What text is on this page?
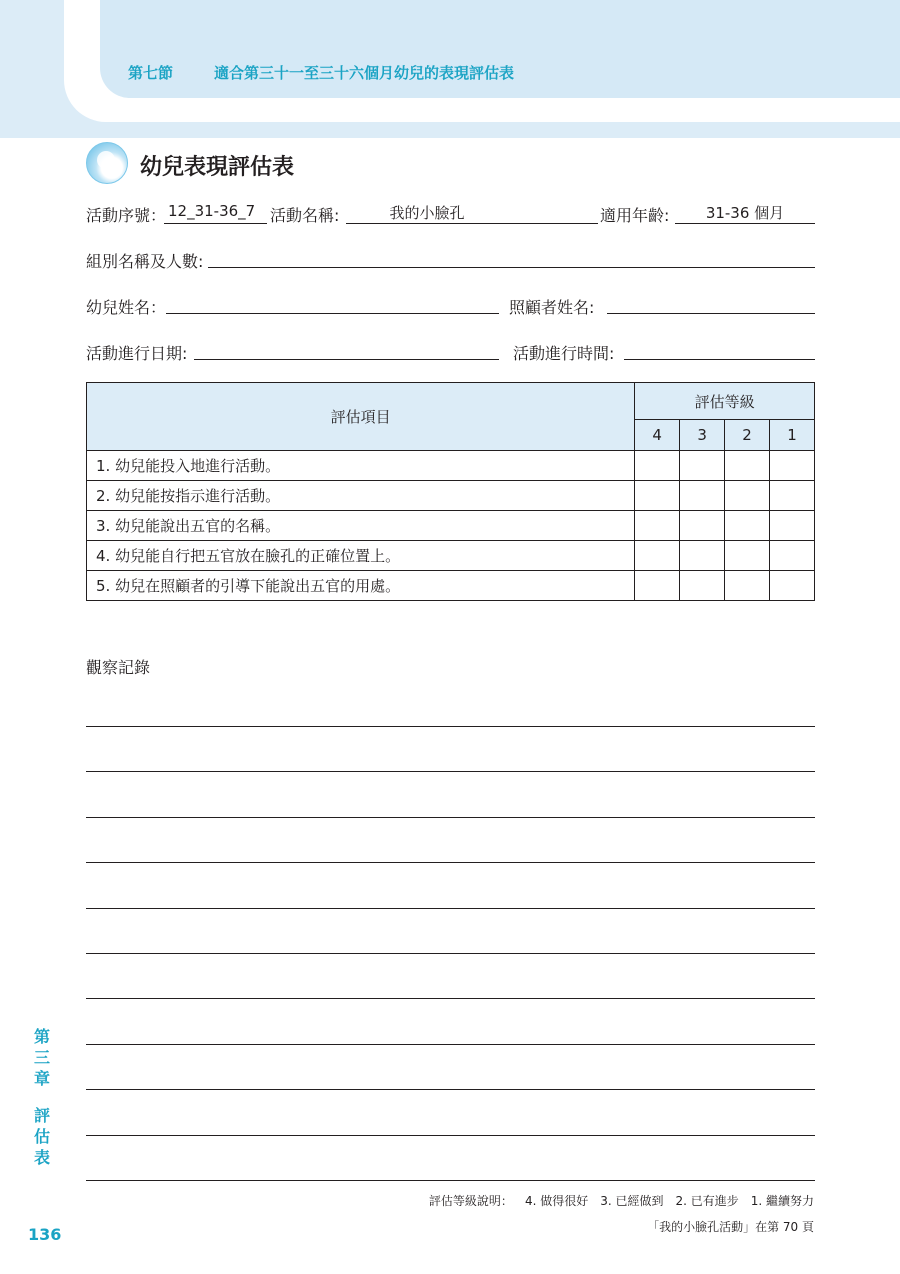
第七節	適合第三十一至三十六個月幼兒的表現評估表
幼兒表現評估表
活動序號： 12_31-36_7 活動名稱:	我的小臉孔	適用年齡:	31-36 個月
組別名稱及人數:
幼兒姓名：	照顧者姓名:
活動進行日期:	活動進行時間:
評估項目	評估等級			
	4	3	2	1
1. 幼兒能投入地進行活動。				
2. 幼兒能按指示進行活動。				
3. 幼兒能說出五官的名稱。				
4. 幼兒能自行把五官放在臉孔的正確位置上。				
5. 幼兒在照顧者的引導下能說出五官的用處。				
觀察記錄
第
三
章
評
估
表
評估等級說明： 4. 做得很好 3. 已經做到 2. 已有進步 1. 繼續努力
「我的小臉孔活動」在第 70 頁
136
